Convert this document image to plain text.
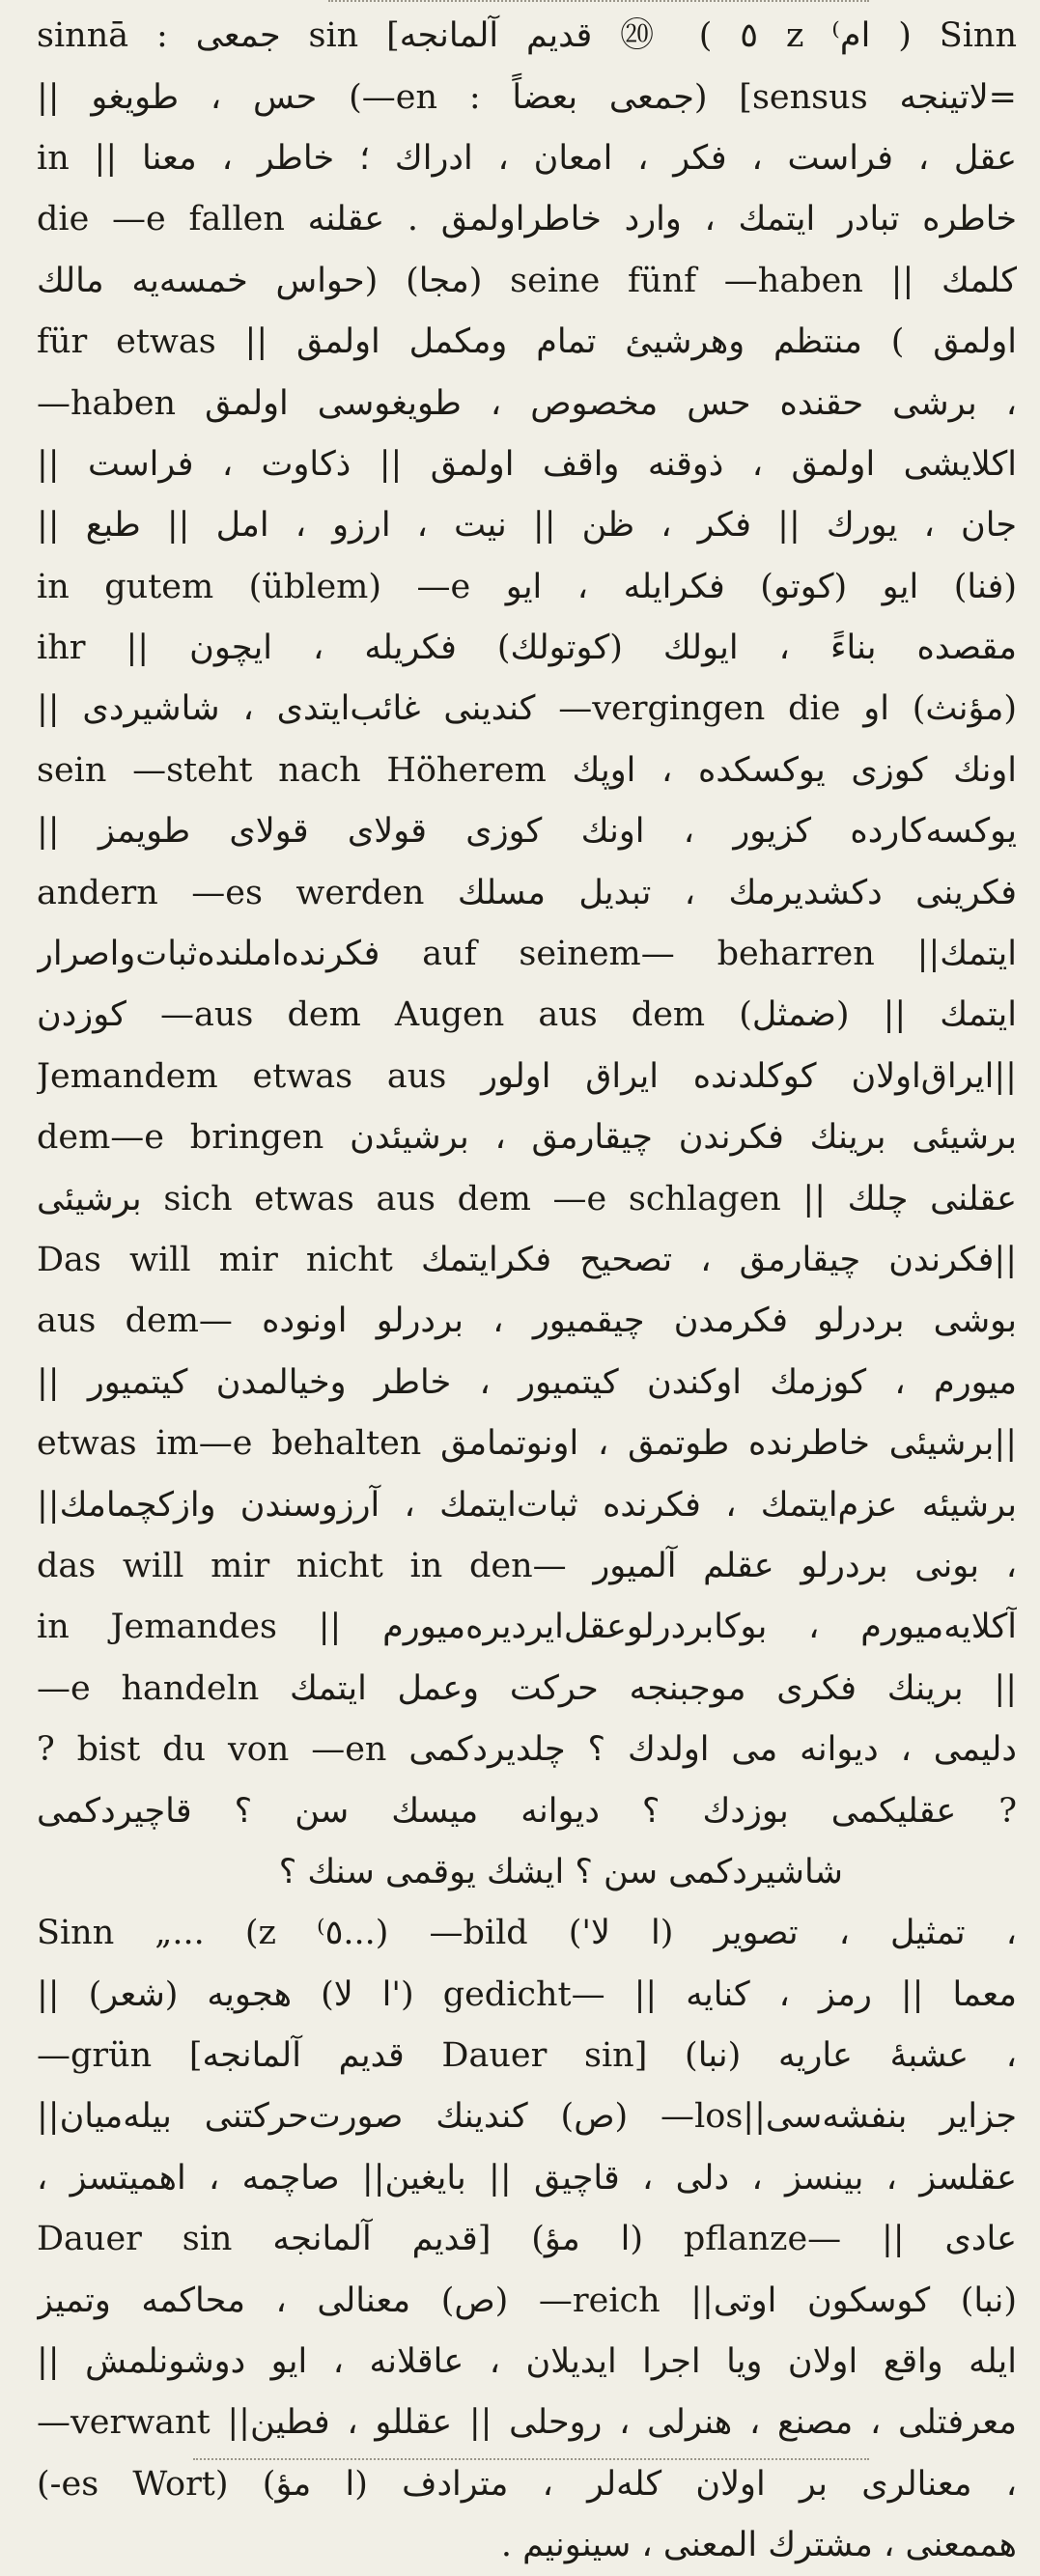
sinnā : جمعى sin [قديم آلمانجه ⑳ ( ٥ z ⁽ام ) Sinn
=لاتينجه sensus] (جمعى بعضاً : en—) حس ، طويغو ||
عقل ، فراست ، فكر ، امعان ، ادراك ؛ خاطر ، معنا || in
die —e fallen خاطره تبادر ايتمك ، وارد خاطراولمق . عقلنه
كلمك || seine fünf —haben (مجا) (حواس خمسه‌يه مالك
اولمق ) منتظم وهرشيئ تمام ومكمل اولمق || für etwas
—haben برشى حقنده حس مخصوص ، طويغوسى اولمق ،
اكلايشى اولمق ، ذوقنه واقف اولمق || ذكاوت ، فراست ||
جان ، يورك || فكر ، ظن || نيت ، ارزو ، امل || طبع ||
(فنا) ايو (كوتو) فكرايله ، ايو in gutem (üblem) —e
ihr || مقصده بناءً ، ايولك (كوتولك) فكريله ، ايچون
(مؤنث) او vergingen die— كندينى غائب‌ايتدى ، شاشيردى ||
sein —steht nach Höherem اونك كوزى يوكسكده ، اوپك
يوكسه‌كارده كزيور ، اونك كوزى قولاى قولاى طويمز ||
andern —es werden فكرينى دكشديرمك ، تبديل مسلك
ايتمك|| auf seinem— beharren فكرنده‌املندە‌ثبات‌واصرار
ايتمك || (ضمثل) aus dem Augen aus dem— كوزدن
Jemandem etwas aus ايراق‌اولان كوكلدنده ايراق اولور||
dem—e bringen برشيئى برينك فكرندن چيقارمق ، برشيئدن
عقلنى چلك || sich etwas aus dem —e schlagen برشيئى
Das will mir nicht فكرندن چيقارمق ، تصحيح فكرايتمك||
aus dem— بوشى بردرلو فكرمدن چيقميور ، بردرلو اونوده
ميورم ، كوزمك اوكندن كيتميور ، خاطر وخيالمدن كيتميور ||
etwas im—e behalten برشيئى خاطرنده طوتمق ، اونوتمامق||
برشيئه عزم‌ايتمك ، فكرنده ثبات‌ايتمك ، آرزوسندن وازكچمامك||
das will mir nicht in den— بونى بردرلو عقلم آلميور ،
in Jemandes || آكلايه‌ميورم ، بوكابردرلوعقل‌ايرديره‌ميورم
—e handeln برينك فكرى موجبنجه حركت وعمل ايتمك ||
? bist du von —en دليمى ، ديوانه مى اولدك ؟ چلديردكمى
? عقليكمى بوزدك ؟ ديوانه ميسك سن ؟ قاچيردكمى
شاشيردكمى سن ؟ ايشك يوقمى سنك ؟
Sinn „... (z ⁽٥...) —bild ('ا لا) تمثيل ، تصوير ،
معما || رمز ، كنايه || —gedicht ('ا لا) هجويه (شعر) ||
—grün [قديم آلمانجه Dauer sin] (نبا) عشبۀ عاريه ،
جزاير بنفشه‌سى||los— (ص) كندينك صورت‌حركتنى بيلەميان||
عقلسز ، بينسز ، دلى ، قاچيق || بايغين|| صاچمه ، اهميتسز ،
عادى || —pflanze (ا مؤ) [قديم آلمانجه Dauer sin
(نبا) كوسكون اوتى|| reich— (ص) معنالى ، محاكمه وتميز
ايله واقع اولان ويا اجرا ايديلان ، عاقلانه ، ايو دوشونلمش ||
معرفتلى ، مصنع ، هنرلى ، روحلى || عقللو ، فطين|| verwant—
(-es Wort) (ا مؤ) معنالرى بر اولان كلەلر ، مترادف ،
هممعنى ، مشترك المعنى ، سينونيم .
